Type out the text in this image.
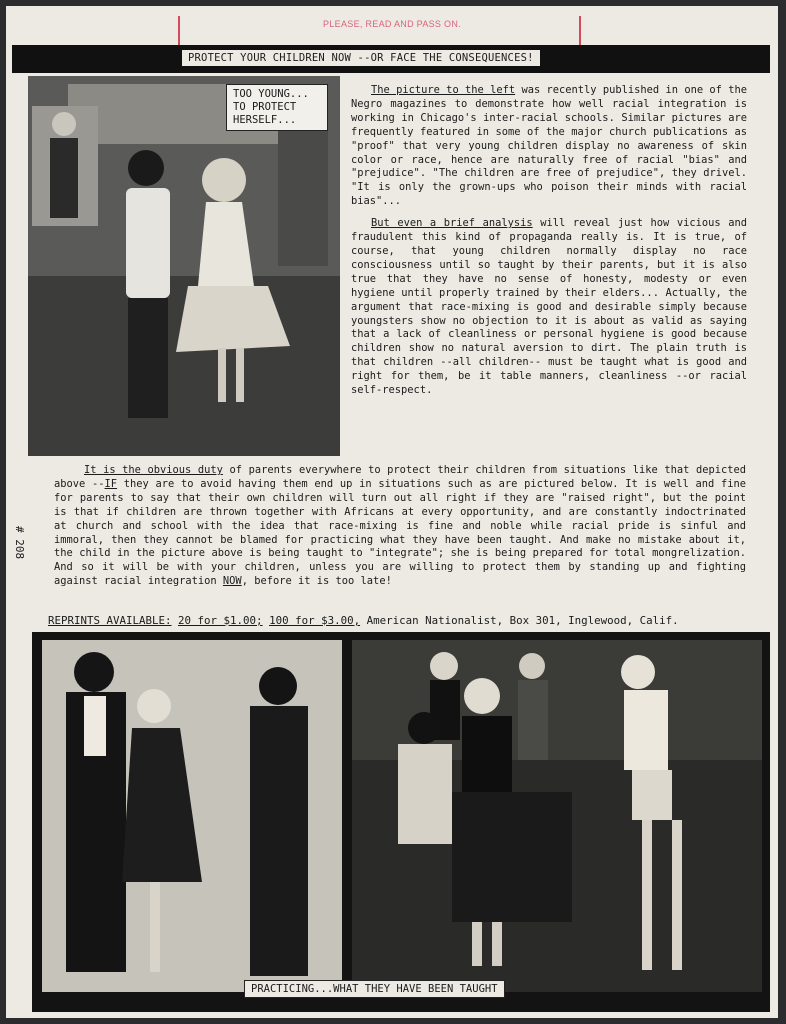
PLEASE, READ AND PASS ON.
PROTECT YOUR CHILDREN NOW --OR FACE THE CONSEQUENCES!
TOO YOUNG...
TO PROTECT
HERSELF...

The picture to the left was recently published in one of the Negro magazines to demonstrate how well racial integration is working in Chicago's inter-racial schools. Similar pictures are frequently featured in some of the major church publications as "proof" that very young children display no awareness of skin color or race, hence are naturally free of racial "bias" and "prejudice". "The children are free of prejudice", they drivel. "It is only the grown-ups who poison their minds with racial bias"...

But even a brief analysis will reveal just how vicious and fraudulent this kind of propaganda really is. It is true, of course, that young children normally display no race consciousness until so taught by their parents, but it is also true that they have no sense of honesty, modesty or even hygiene until properly trained by their elders... Actually, the argument that race-mixing is good and desirable simply because youngsters show no objection to it is about as valid as saying that a lack of cleanliness or personal hygiene is good because children show no natural aversion to dirt. The plain truth is that children --all children-- must be taught what is good and right for them, be it table manners, cleanliness --or racial self-respect.

It is the obvious duty of parents everywhere to protect their children from situations like that depicted above --IF they are to avoid having them end up in situations such as are pictured below. It is well and fine for parents to say that their own children will turn out all right if they are "raised right", but the point is that if children are thrown together with Africans at every opportunity, and are constantly indoctrinated at church and school with the idea that race-mixing is fine and noble while racial pride is sinful and immoral, then they cannot be blamed for practicing what they have been taught. And make no mistake about it, the child in the picture above is being taught to "integrate"; she is being prepared for total mongrelization. And so it will be with your children, unless you are willing to protect them by standing up and fighting against racial integration NOW, before it is too late!

# 208
REPRINTS AVAILABLE: 20 for $1.00; 100 for $3.00, American Nationalist, Box 301, Inglewood, Calif.
PRACTICING...WHAT THEY HAVE BEEN TAUGHT
